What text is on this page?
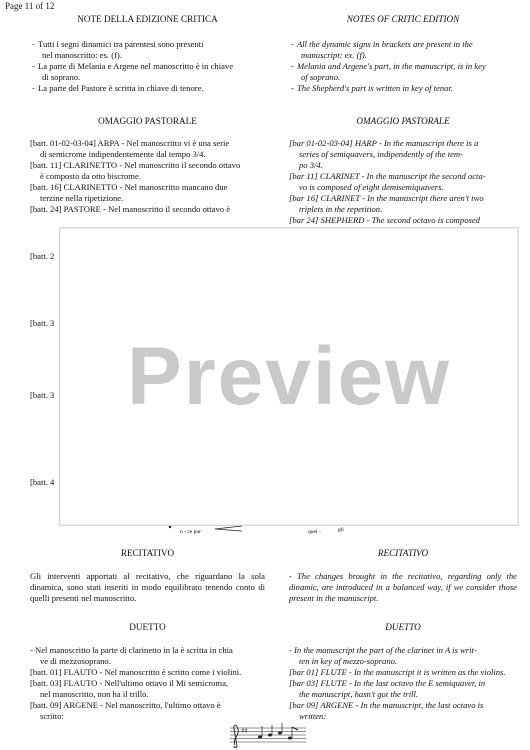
Page 11 of 12
NOTE DELLA EDIZIONE CRITICA
- Tutti i segni dinamici tra parentesi sono presenti
nel manoscritto: es. (f).
- La parte di Melania e Argene nel manoscritto è in chiave
di soprano.
- La parte del Pastore è scritta in chiave di tenore.
OMAGGIO PASTORALE
[batt. 01-02-03-04] ARPA - Nel manoscritto vi è una serie
di semicrome indipendentemente dal tempo 3/4.
[batt. 11] CLARINETTO - Nel manoscritto il secondo ottavo
è composto da otto biscrome.
[batt. 16] CLARINETTO - Nel manoscritto mancano due
terzine nella ripetizione.
[batt. 24] PASTORE - Nel manoscritto il secondo ottavo è
RECITATIVO

Gli interventi apportati al recitativo, che riguardano la sola dinamica, sono stati inseriti in modo equilibrato tenendo conto di quelli presenti nel manoscritto.

DUETTO
- Nel manoscritto la parte di clarinetto in la è scritta in chia
ve di mezzosoprano.
[batt. 01] FLAUTO - Nel manoscritto è scritto come i violini.
[batt. 03] FLAUTO - Nell'ultimo ottavo il Mi semicroma,
nel manoscritto, non ha il trillo.
[batt. 09] ARGENE - Nel manoscritto, l'ultimo ottavo è
scritto:
NOTES OF CRITIC EDITION
- All the dynamic signs in brackets are present in the
manuscript: ex. (f).
- Melania and Argene's part, in the manuscript, is in key
of soprano.
- The Shepherd's part is written in key of tenor.
OMAGGIO PASTORALE
[bar 01-02-03-04] HARP - In the manuscript there is a
series of semiquavers, indipendently of the tem-
po 3/4.
[bar 11] CLARINET - In the manuscript the second octa-
vo is composed of eight demisemiquavers.
[bar 16] CLARINET - In the manuscript there aren't two
triplets in the repetition.
[bar 24] SHEPHERD - The second octavo is composed
RECITATIVO

- The changes brought in the recitativo, regarding only the dinamic, are introduced in a balanced way, if we consider those present in the manuscript.

DUETTO
- In the manuscript the part of the clarinet in A is writ-
ten in key of mezzo-soprano.
[bar 01] FLUTE - In the manuscript it is written as the violins.
[bar 03] FLUTE - In the last octavo the E semiquaver, in
the manuscript, hasn't got the trill.
[bar 09] ARGENE - In the manuscript, the last octavo is
written:
[batt. 2
[batt. 3
[batt. 3
[batt. 4
Preview
n - ce pur	quel -	gli
♯♯
